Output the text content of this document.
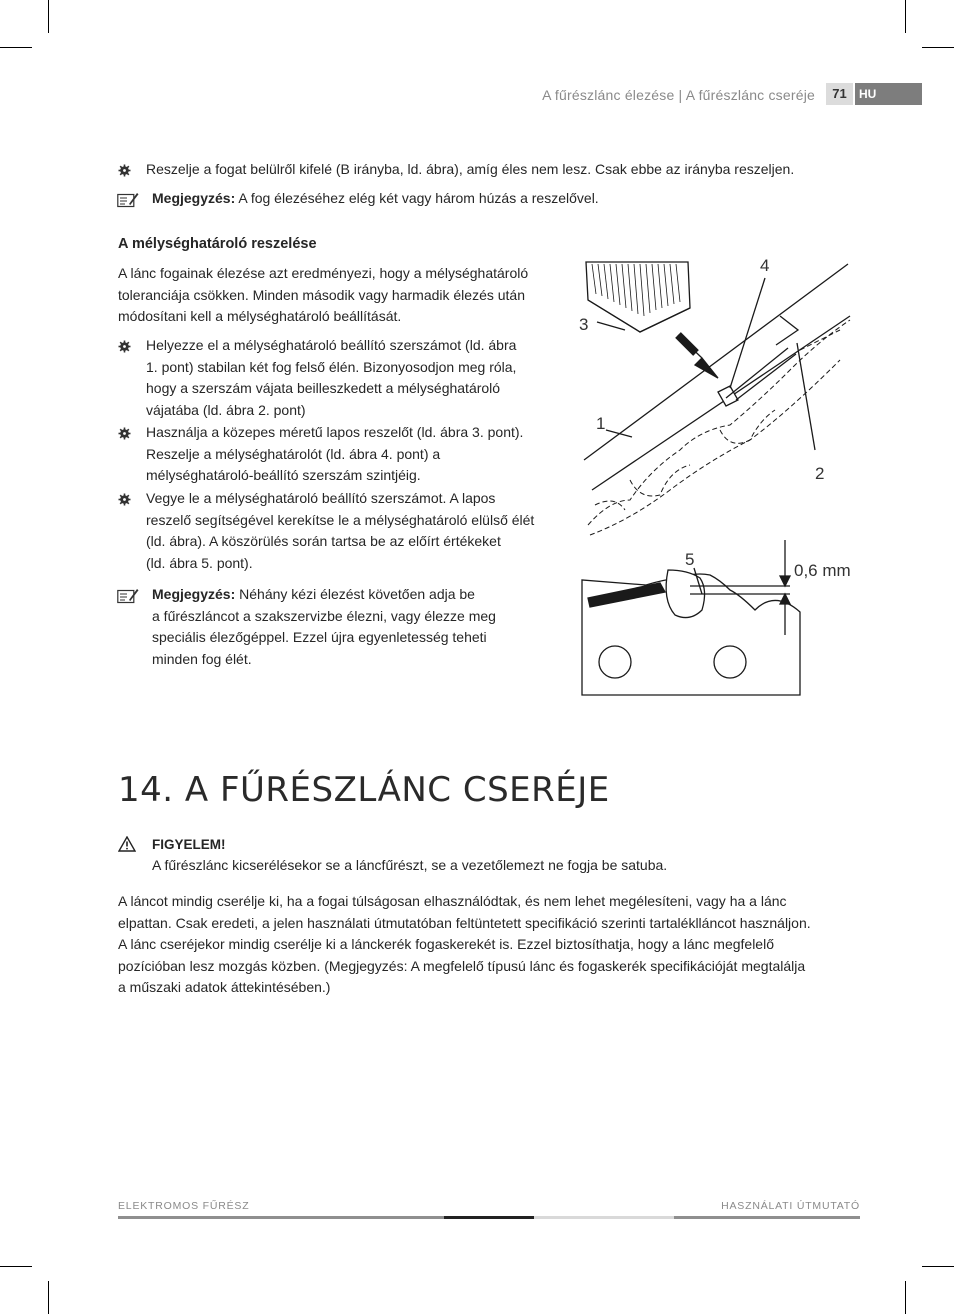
A fűrészlánc élezése | A fűrészlánc cseréje	71	HU
Reszelje a fogat belülről kifelé (B irányba, ld. ábra), amíg éles nem lesz. Csak ebbe az irányba reszeljen.
Megjegyzés: A fog élezéséhez elég két vagy három húzás a reszelővel.
A mélységhatároló reszelése
A lánc fogainak élezése azt eredményezi, hogy a mélységhatároló
toleranciája csökken. Minden második vagy harmadik élezés után
módosítani kell a mélységhatároló beállítását.
Helyezze el a mélységhatároló beállító szerszámot (ld. ábra
1. pont) stabilan két fog felső élén. Bizonyosodjon meg róla,
hogy a szerszám vájata beilleszkedett a mélységhatároló
vájatába (ld. ábra 2. pont)
Használja a közepes méretű lapos reszelőt (ld. ábra 3. pont).
Reszelje a mélységhatárolót (ld. ábra 4. pont) a
mélységhatároló-beállító szerszám szintjéig.
Vegye le a mélységhatároló beállító szerszámot. A lapos
reszelő segítségével kerekítse le a mélységhatároló elülső élét
(ld. ábra). A köszörülés során tartsa be az előírt értékeket
(ld. ábra 5. pont).
Megjegyzés: Néhány kézi élezést követően adja be
a fűrészláncot a szakszervizbe élezni, vagy élezze meg
speciális élezőgéppel. Ezzel újra egyenletesség teheti
minden fog élét.
4
3
1
2
5
0,6 mm
14. A FŰRÉSZLÁNC CSERÉJE
FIGYELEM!
A fűrészlánc kicserélésekor se a láncfűrészt, se a vezetőlemezt ne fogja be satuba.
A láncot mindig cserélje ki, ha a fogai túlságosan elhasználódtak, és nem lehet megélesíteni, vagy ha a lánc
elpattan. Csak eredeti, a jelen használati útmutatóban feltüntetett specifikáció szerinti tartaléklláncot használjon.
A lánc cseréjekor mindig cserélje ki a lánckerék fogaskerekét is. Ezzel biztosíthatja, hogy a lánc megfelelő
pozícióban lesz mozgás közben. (Megjegyzés: A megfelelő típusú lánc és fogaskerék specifikációját megtalálja
a műszaki adatok áttekintésében.)
ELEKTROMOS FŰRÉSZ	HASZNÁLATI ÚTMUTATÓ
